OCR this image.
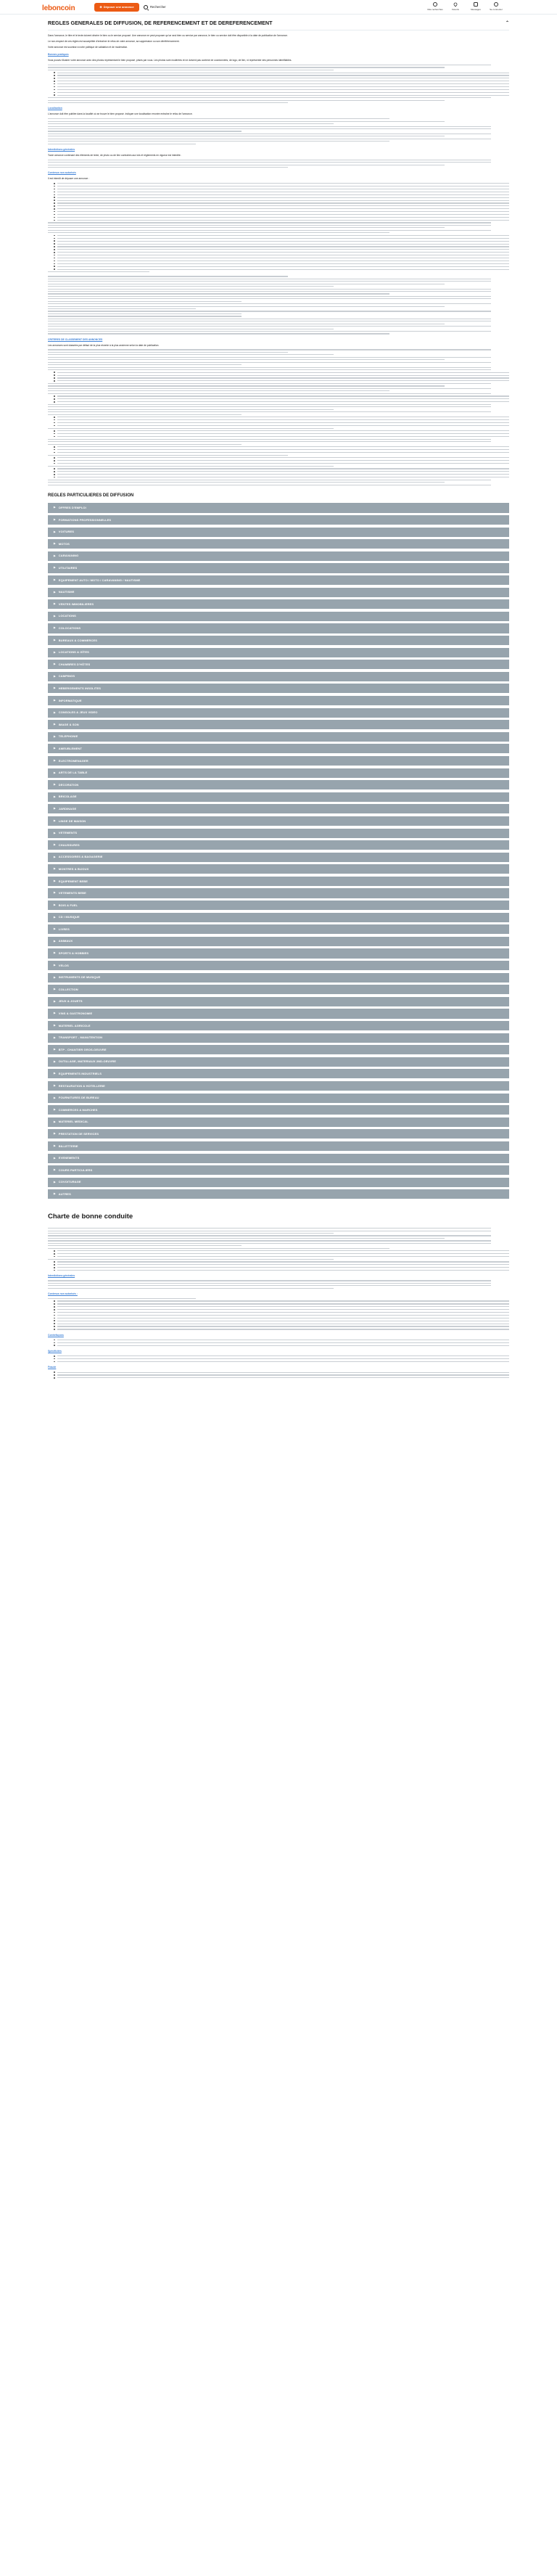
leboncoin	⊕ Déposer une annonce	Rechercher
Mes recherches	Favoris	Messages	Se connecter
REGLES GENERALES DE DIFFUSION, DE REFERENCEMENT ET DE DEREFERENCEMENT	⌃

Dans l'annonce, le titre et le texte doivent décrire le bien ou le service proposé. Une annonce ne peut proposer qu'un seul bien ou service par annonce, le bien ou service doit être disponible à la date de publication de l'annonce.

Le non-respect de ces règles est susceptible d'entraîner le refus de votre annonce, sa suppression ou son déréférencement.

Votre annonce est soumise à notre politique de validation et de modération.

Bonnes pratiques

Vous pouvez illustrer votre annonce avec des photos représentant le bien proposé, prises par vous. Les photos sont modérées et ne doivent pas contenir de coordonnées, de logo, de lien, ni représenter des personnes identifiables.

Localisation

L'annonce doit être publiée dans la localité où se trouve le bien proposé. Indiquer une localisation erronée entraîne le refus de l'annonce.

Interdictions générales

Toute annonce contenant des éléments de texte, de photo ou de lien contraires aux lois et règlements en vigueur est interdite.

Contenus non autorisés

Il est interdit de déposer une annonce :

CRITERES DE CLASSEMENT DES ANNONCES

Les annonces sont classées par défaut de la plus récente à la plus ancienne selon la date de publication.

REGLES PARTICULIERES DE DIFFUSION
▶ OFFRES D'EMPLOI
▶ FORMATIONS PROFESSIONNELLES
▶ VOITURES
▶ MOTOS
▶ CARAVANING
▶ UTILITAIRES
▶ EQUIPEMENT AUTO / MOTO / CARAVANING / NAUTISME
▶ NAUTISME
▶ VENTES IMMOBILIERES
▶ LOCATIONS
▶ COLOCATIONS
▶ BUREAUX & COMMERCES
▶ LOCATIONS & GÎTES
▶ CHAMBRES D'HÔTES
▶ CAMPINGS
▶ HEBERGEMENTS INSOLITES
▶ INFORMATIQUE
▶ CONSOLES & JEUX VIDEO
▶ IMAGE & SON
▶ TELEPHONIE
▶ AMEUBLEMENT
▶ ELECTROMENAGER
▶ ARTS DE LA TABLE
▶ DECORATION
▶ BRICOLAGE
▶ JARDINAGE
▶ LINGE DE MAISON
▶ VETEMENTS
▶ CHAUSSURES
▶ ACCESSOIRES & BAGAGERIE
▶ MONTRES & BIJOUX
▶ EQUIPEMENT BEBE
▶ VETEMENTS BEBE
▶ BOIS & FUEL
▶ CD / MUSIQUE
▶ LIVRES
▶ ANIMAUX
▶ SPORTS & HOBBIES
▶ VELOS
▶ INSTRUMENTS DE MUSIQUE
▶ COLLECTION
▶ JEUX & JOUETS
▶ VINS & GASTRONOMIE
▶ MATERIEL AGRICOLE
▶ TRANSPORT - MANUTENTION
▶ BTP - CHANTIER GROS-OEUVRE
▶ OUTILLAGE, MATERIAUX 2ND-OEUVRE
▶ EQUIPEMENTS INDUSTRIELS
▶ RESTAURATION & HOTELLERIE
▶ FOURNITURES DE BUREAU
▶ COMMERCES & MARCHES
▶ MATERIEL MEDICAL
▶ PRESTATION DE SERVICES
▶ BILLETTERIE
▶ EVENEMENTS
▶ COURS PARTICULIERS
▶ COVOITURAGE
▶ AUTRES
Charte de bonne conduite
Interdictions générales
Contenus non autorisés :
Contrefaçons
Spécificités
Fraude
